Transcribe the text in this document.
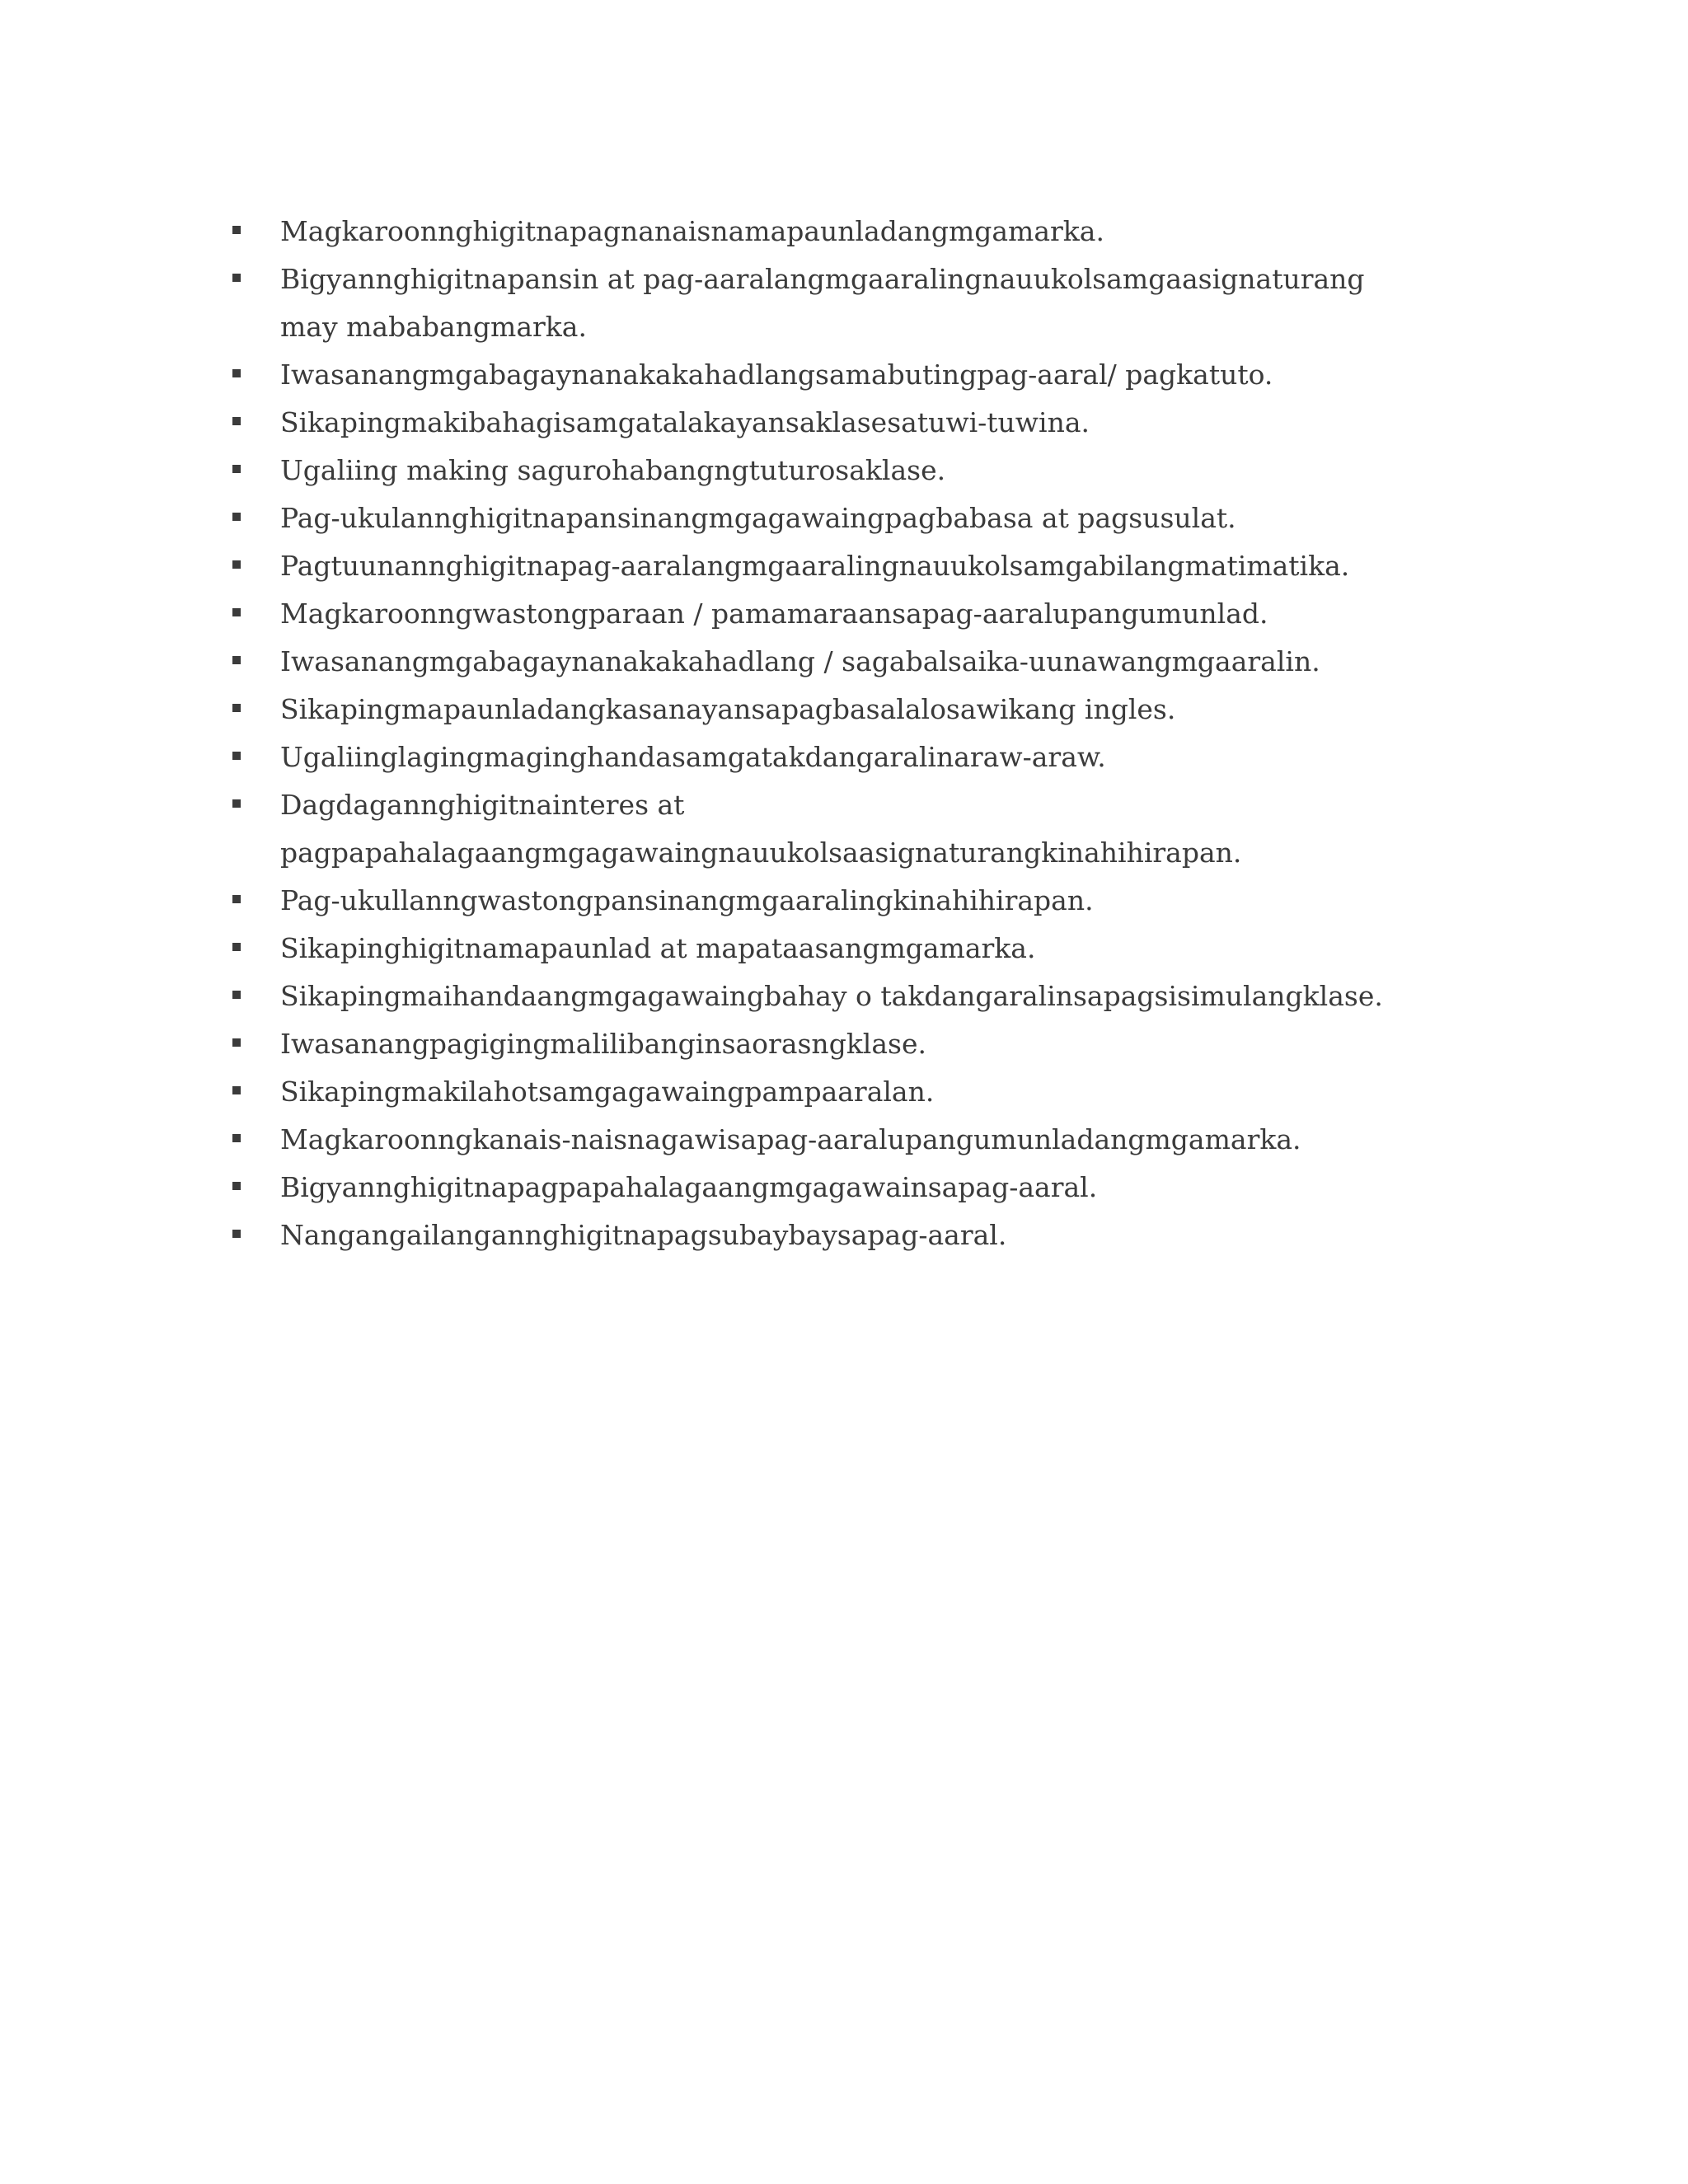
Magkaroonnghigitnapagnanaisnamapaunladangmgamarka.
Bigyannghigitnapansin at pag-aaralangmgaaralingnauukolsamgaasignaturang may mababangmarka.
Iwasanangmgabagaynanakakahadlangsamabutingpag-aaral/ pagkatuto.
Sikapingmakibahagisamgatalakayansaklasesatuwi-tuwina.
Ugaliing making sagurohabangngtuturosaklase.
Pag-ukulannghigitnapansinangmgagawaingpagbabasa at pagsusulat.
Pagtuunannghigitnapag-aaralangmgaaralingnauukolsamgabilangmatimatika.
Magkaroonngwastongparaan / pamamaraansapag-aaralupangumunlad.
Iwasanangmgabagaynanakakahadlang / sagabalsaika-uunawangmgaaralin.
Sikapingmapaunladangkasanayansapagbasalalosawikang ingles.
Ugaliinglagingmaginghandasamgatakdangaralinaraw-araw.
Dagdagannghigitnainteres at pagpapahalagaangmgagawaingnauukolsaasignaturangkinahihirapan.
Pag-ukullanngwastongpansinangmgaaralingkinahihirapan.
Sikapinghigitnamapaunlad at mapataasangmgamarka.
Sikapingmaihandaangmgagawaingbahay o takdangaralinsapagsisimulangklase.
Iwasanangpagigingmalilibanginsaorasngklase.
Sikapingmakilahotsamgagawaingpampaaralan.
Magkaroonngkanais-naisnagawisapag-aaralupangumunladangmgamarka.
Bigyannghigitnapagpapahalagaangmgagawainsapag-aaral.
Nangangailangannghigitnapagsubaybaysapag-aaral.
